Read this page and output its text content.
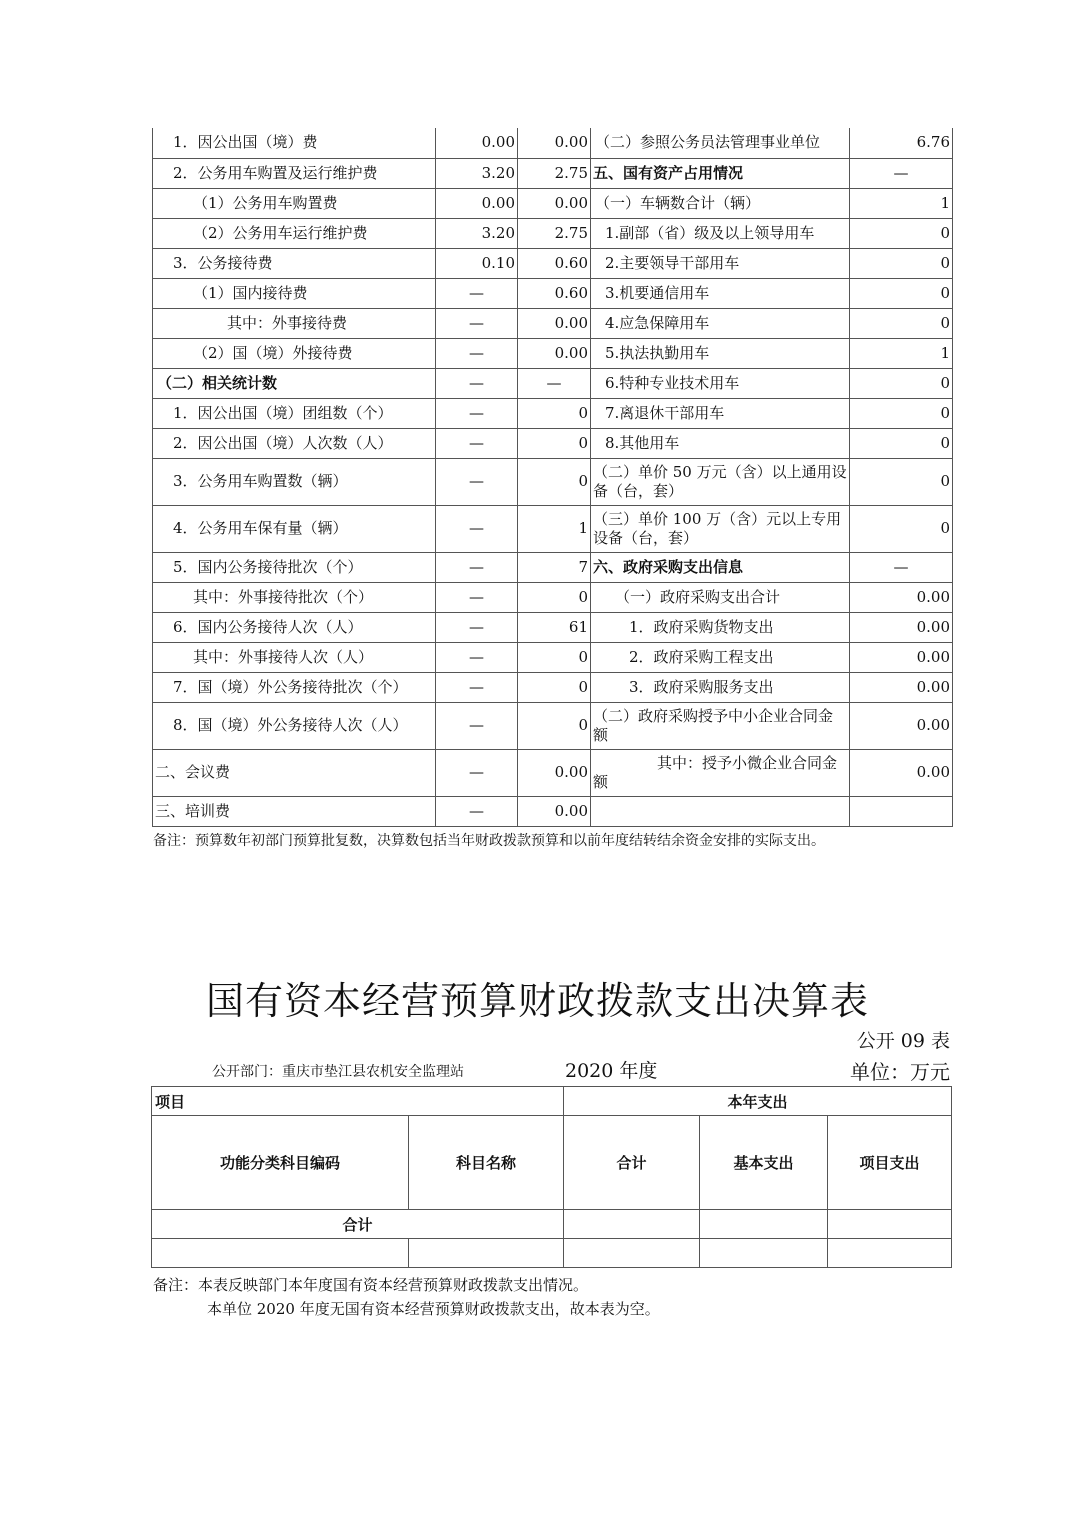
1．因公出国（境）费	0.00	0.00	（二）参照公务员法管理事业单位	6.76
2．公务用车购置及运行维护费	3.20	2.75	五、国有资产占用情况	—
（1）公务用车购置费	0.00	0.00	（一）车辆数合计（辆）	1
（2）公务用车运行维护费	3.20	2.75	1.副部（省）级及以上领导用车	0
3．公务接待费	0.10	0.60	2.主要领导干部用车	0
（1）国内接待费	—	0.60	3.机要通信用车	0
其中：外事接待费	—	0.00	4.应急保障用车	0
（2）国（境）外接待费	—	0.00	5.执法执勤用车	1
（二）相关统计数	—	—	6.特种专业技术用车	0
1．因公出国（境）团组数（个）	—	0	7.离退休干部用车	0
2．因公出国（境）人次数（人）	—	0	8.其他用车	0
3．公务用车购置数（辆）	—	0	（二）单价 50 万元（含）以上通用设备（台，套）	0
4．公务用车保有量（辆）	—	1	（三）单价 100 万（含）元以上专用设备（台，套）	0
5．国内公务接待批次（个）	—	7	六、政府采购支出信息	—
其中：外事接待批次（个）	—	0	（一）政府采购支出合计	0.00
6．国内公务接待人次（人）	—	61	1．政府采购货物支出	0.00
其中：外事接待人次（人）	—	0	2．政府采购工程支出	0.00
7．国（境）外公务接待批次（个）	—	0	3．政府采购服务支出	0.00
8．国（境）外公务接待人次（人）	—	0	（二）政府采购授予中小企业合同金额	0.00
二、会议费	—	0.00	其中：授予小微企业合同金额	0.00
三、培训费	—	0.00		
备注：预算数年初部门预算批复数，决算数包括当年财政拨款预算和以前年度结转结余资金安排的实际支出。
国有资本经营预算财政拨款支出决算表
公开 09 表
公开部门：重庆市垫江县农机安全监理站	2020 年度	单位：万元
项目		本年支出		
功能分类科目编码	科目名称	合计	基本支出	项目支出
合计				

备注：本表反映部门本年度国有资本经营预算财政拨款支出情况。
本单位 2020 年度无国有资本经营预算财政拨款支出，故本表为空。
